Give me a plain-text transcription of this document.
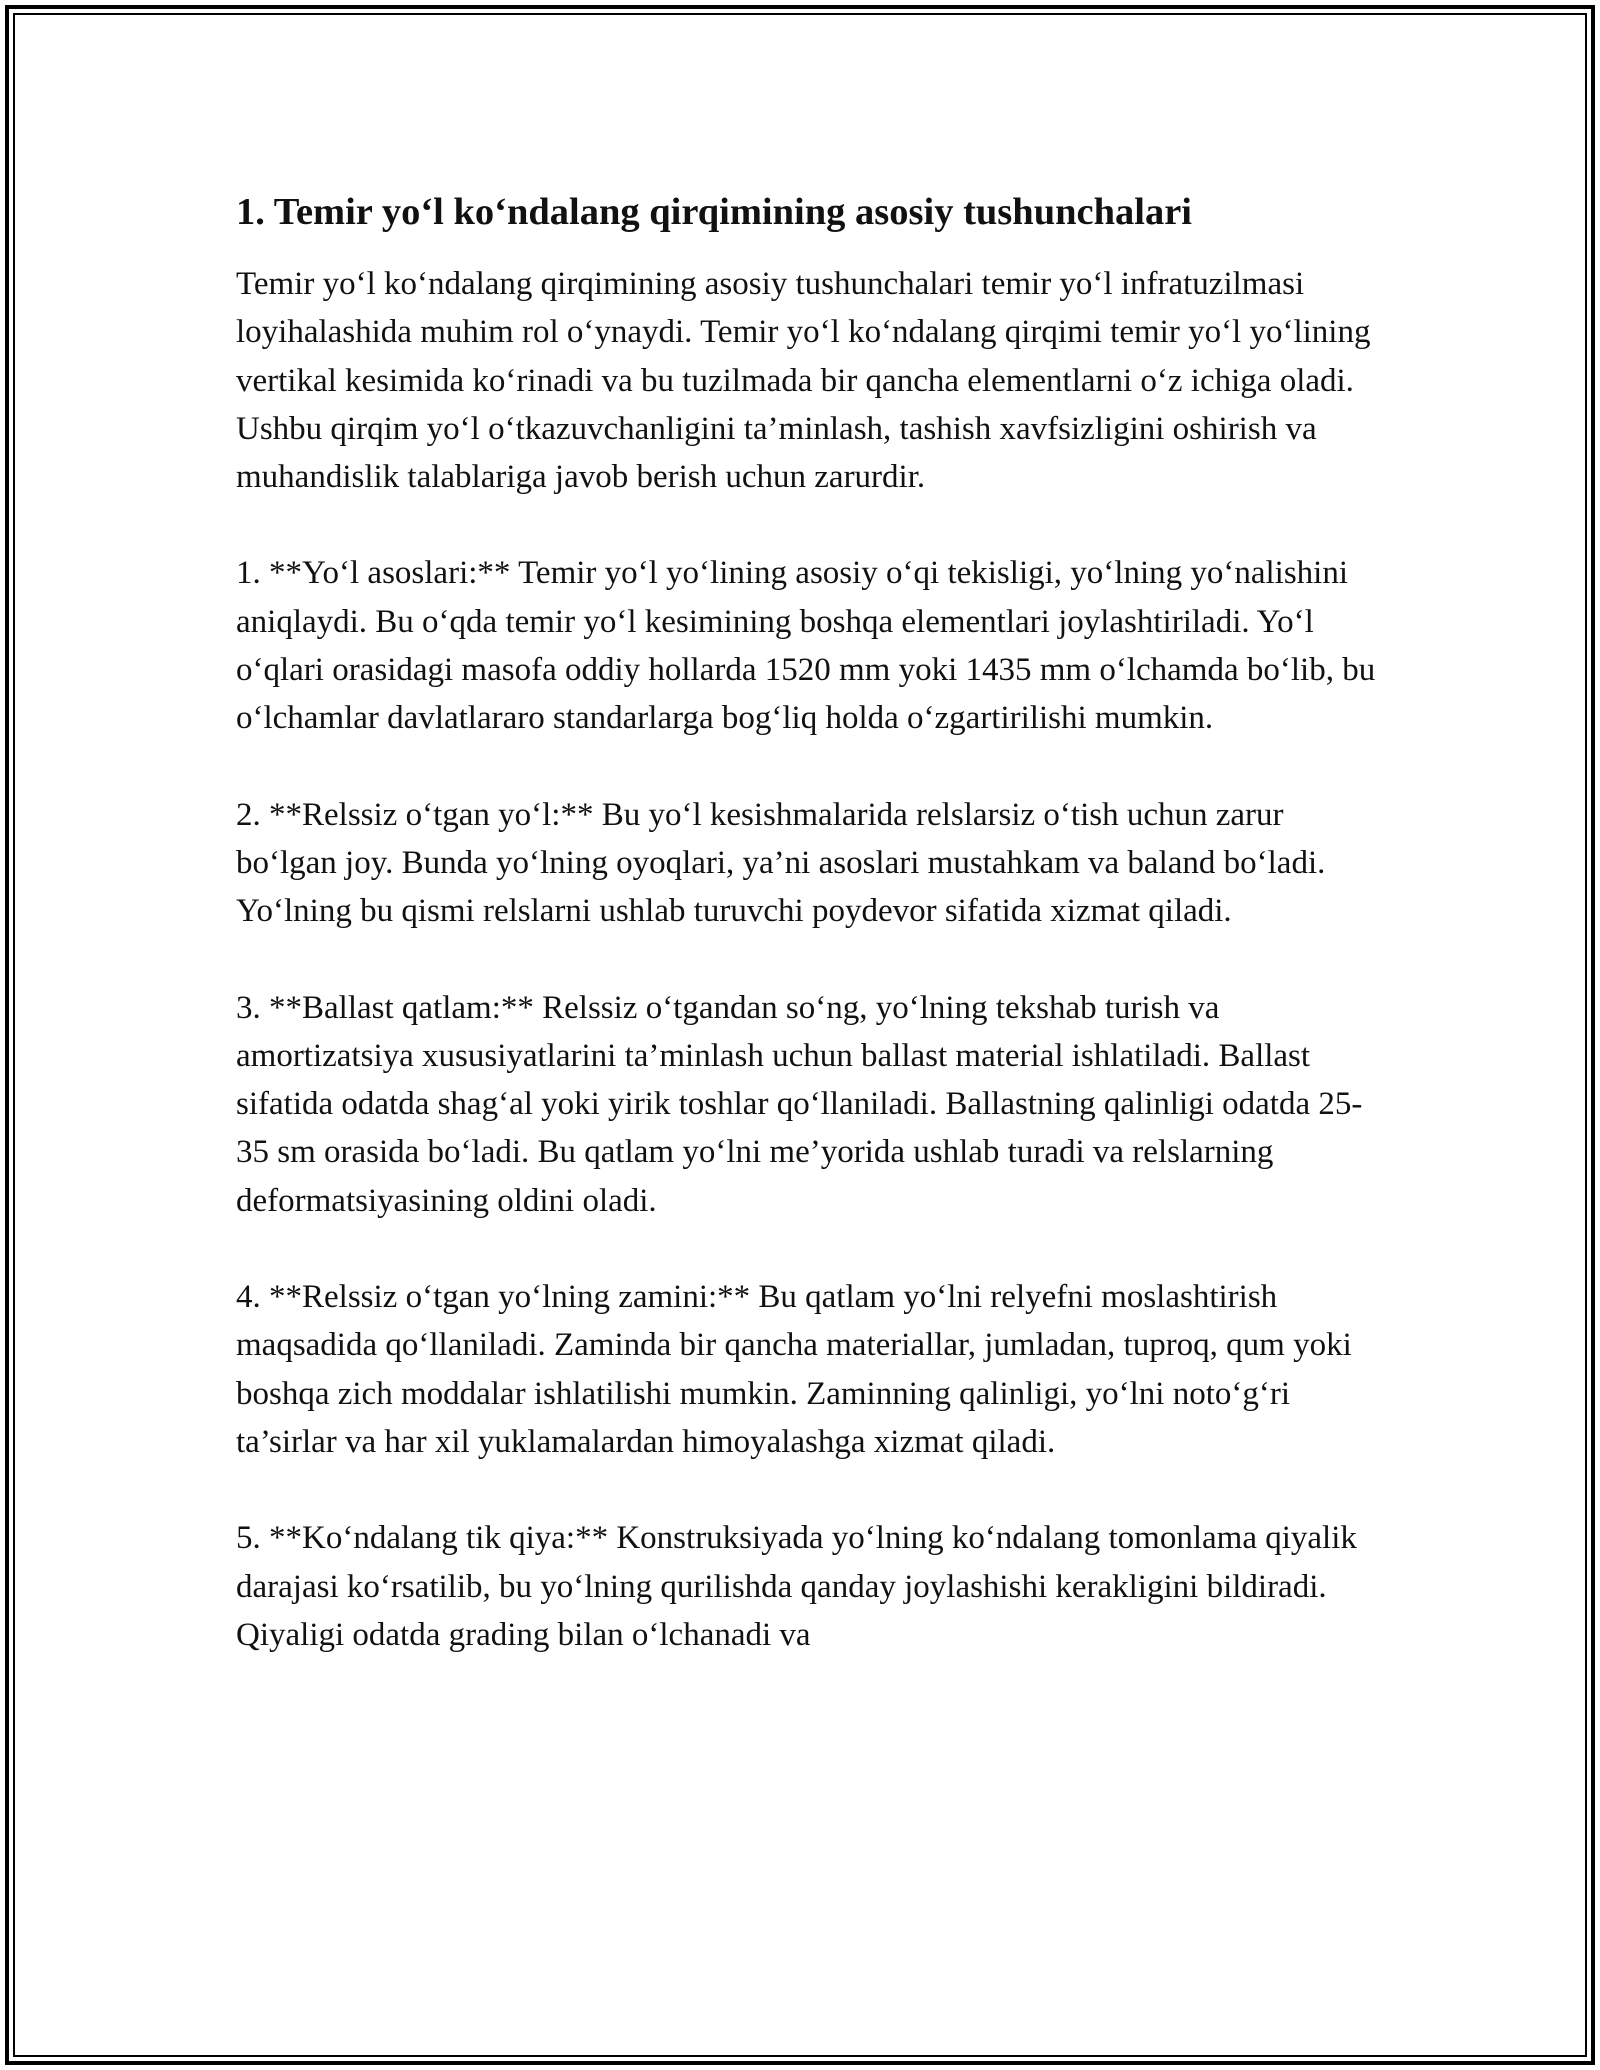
1. Temir yo‘l ko‘ndalang qirqimining asosiy tushunchalari

Temir yo‘l ko‘ndalang qirqimining asosiy tushunchalari temir yo‘l infratuzilmasi loyihalashida muhim rol o‘ynaydi. Temir yo‘l ko‘ndalang qirqimi temir yo‘l yo‘lining vertikal kesimida ko‘rinadi va bu tuzilmada bir qancha elementlarni o‘z ichiga oladi. Ushbu qirqim yo‘l o‘tkazuvchanligini ta’minlash, tashish xavfsizligini oshirish va muhandislik talablariga javob berish uchun zarurdir.

1. **Yo‘l asoslari:** Temir yo‘l yo‘lining asosiy o‘qi tekisligi, yo‘lning yo‘nalishini aniqlaydi. Bu o‘qda temir yo‘l kesimining boshqa elementlari joylashtiriladi. Yo‘l o‘qlari orasidagi masofa oddiy hollarda 1520 mm yoki 1435 mm o‘lchamda bo‘lib, bu o‘lchamlar davlatlararo standarlarga bog‘liq holda o‘zgartirilishi mumkin.

2. **Relssiz o‘tgan yo‘l:** Bu yo‘l kesishmalarida relslarsiz o‘tish uchun zarur bo‘lgan joy. Bunda yo‘lning oyoqlari, ya’ni asoslari mustahkam va baland bo‘ladi. Yo‘lning bu qismi relslarni ushlab turuvchi poydevor sifatida xizmat qiladi.

3. **Ballast qatlam:** Relssiz o‘tgandan so‘ng, yo‘lning tekshab turish va amortizatsiya xususiyatlarini ta’minlash uchun ballast material ishlatiladi. Ballast sifatida odatda shag‘al yoki yirik toshlar qo‘llaniladi. Ballastning qalinligi odatda 25-35 sm orasida bo‘ladi. Bu qatlam yo‘lni me’yorida ushlab turadi va relslarning deformatsiyasining oldini oladi.

4. **Relssiz o‘tgan yo‘lning zamini:** Bu qatlam yo‘lni relyefni moslashtirish maqsadida qo‘llaniladi. Zaminda bir qancha materiallar, jumladan, tuproq, qum yoki boshqa zich moddalar ishlatilishi mumkin. Zaminning qalinligi, yo‘lni noto‘g‘ri ta’sirlar va har xil yuklamalardan himoyalashga xizmat qiladi.

5. **Ko‘ndalang tik qiya:** Konstruksiyada yo‘lning ko‘ndalang tomonlama qiyalik darajasi ko‘rsatilib, bu yo‘lning qurilishda qanday joylashishi kerakligini bildiradi. Qiyaligi odatda grading bilan o‘lchanadi va
